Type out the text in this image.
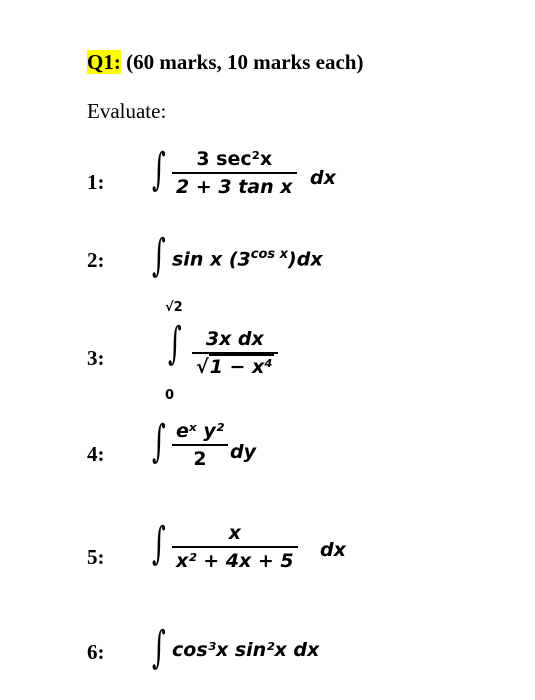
Q1: (60 marks, 10 marks each)
Evaluate:
1: ∫ 3 sec²x
2 + 3 tan x dx
2: ∫ sin x $(3^{cos x})dx$
3:
√2
∫
0
3x dx
√1 − x⁴
4: ∫ eˣ y²
2 dy
5: ∫	x
x² + 4x + 5 dx
6: ∫ cos³x sin²x dx
